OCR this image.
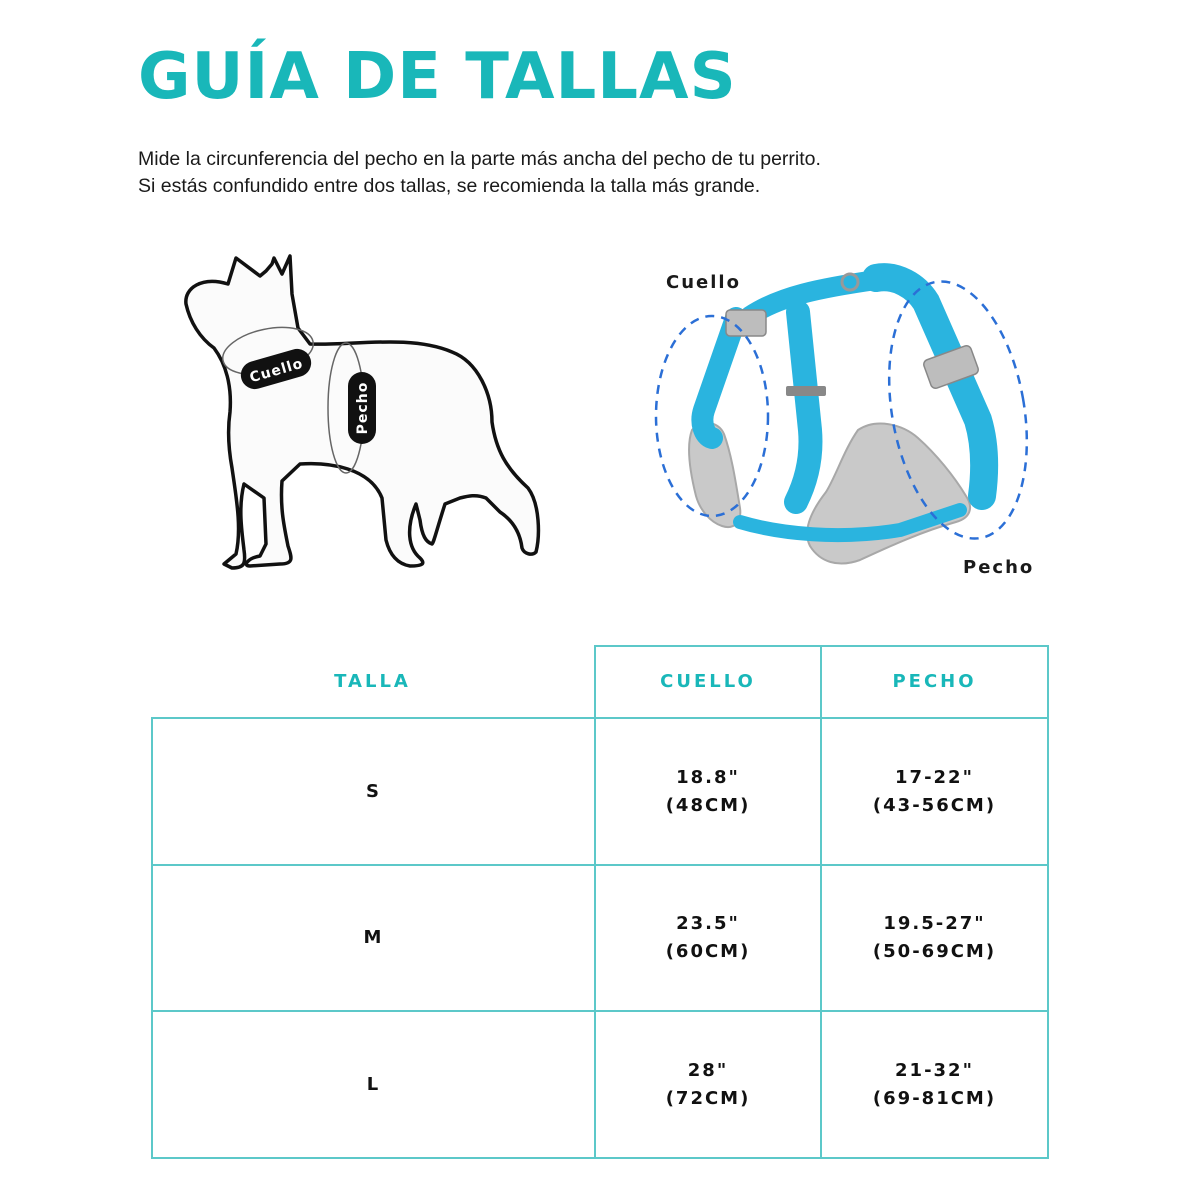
GUÍA DE TALLAS

Mide la circunferencia del pecho en la parte más ancha del pecho de tu perrito.
Si estás confundido entre dos tallas, se recomienda la talla más grande.

Cuello
Pecho
Cuello
Pecho
TALLA	CUELLO	PECHO
S
18.8"
(48CM)
17-22"
(43-56CM)
M
23.5"
(60CM)
19.5-27"
(50-69CM)
L
28"
(72CM)
21-32"
(69-81CM)
